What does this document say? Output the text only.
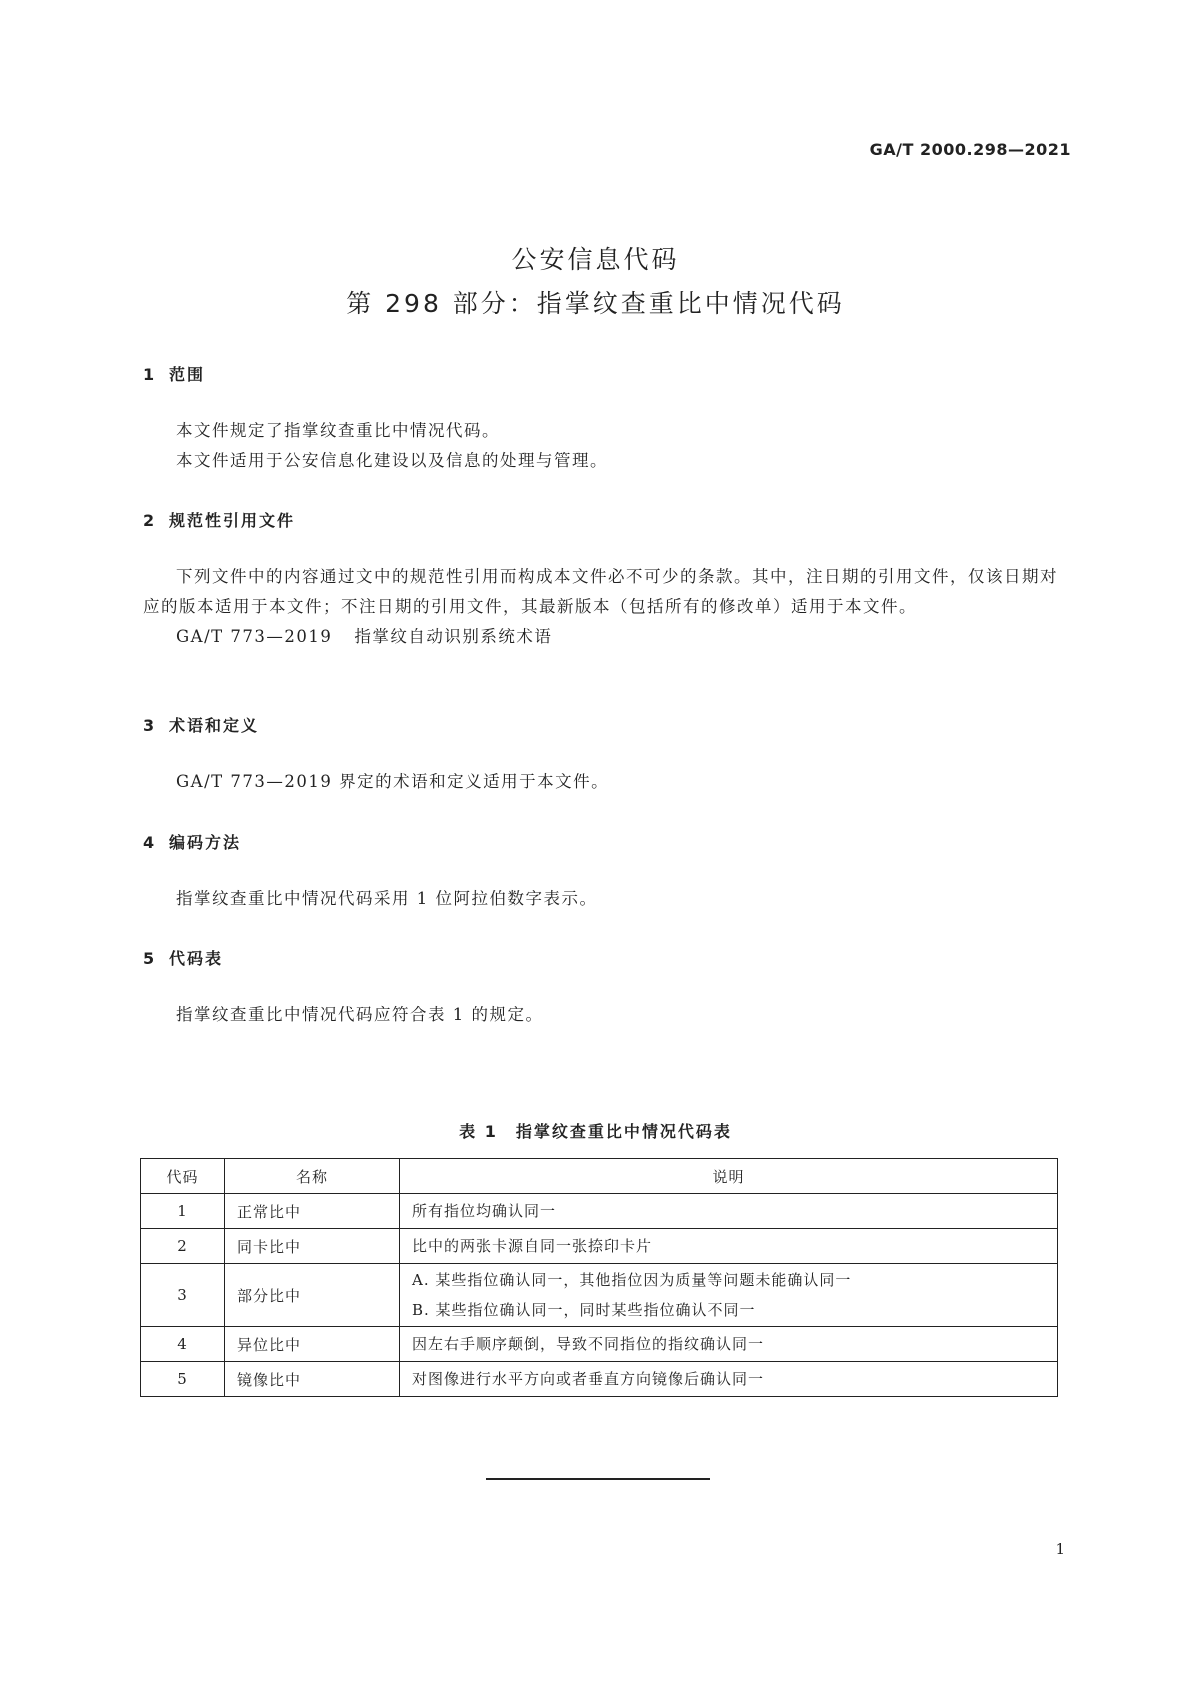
GA/T 2000.298—2021
公安信息代码
第 298 部分：指掌纹查重比中情况代码
1 范围

本文件规定了指掌纹查重比中情况代码。

本文件适用于公安信息化建设以及信息的处理与管理。

2 规范性引用文件

下列文件中的内容通过文中的规范性引用而构成本文件必不可少的条款。其中，注日期的引用文件，仅该日期对应的版本适用于本文件；不注日期的引用文件，其最新版本（包括所有的修改单）适用于本文件。

GA/T 773—2019 指掌纹自动识别系统术语

3 术语和定义

GA/T 773—2019 界定的术语和定义适用于本文件。

4 编码方法

指掌纹查重比中情况代码采用 1 位阿拉伯数字表示。

5 代码表

指掌纹查重比中情况代码应符合表 1 的规定。

表 1　指掌纹查重比中情况代码表
代码	名称	说明
1	正常比中	所有指位均确认同一

2	同卡比中	比中的两张卡源自同一张捺印卡片

3	部分比中	A. 某些指位确认同一，其他指位因为质量等问题未能确认同一
B. 某些指位确认同一，同时某些指位确认不同一

4	异位比中	因左右手顺序颠倒，导致不同指位的指纹确认同一

5	镜像比中	对图像进行水平方向或者垂直方向镜像后确认同一
1
